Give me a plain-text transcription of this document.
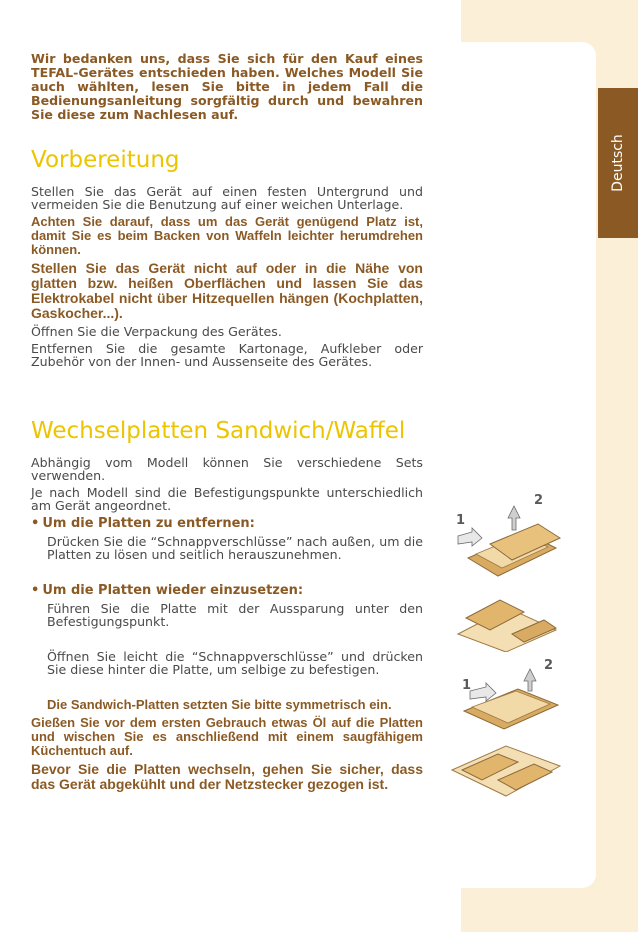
Deutsch

Wir bedanken uns, dass Sie sich für den Kauf eines TEFAL-Gerätes entschieden haben. Welches Modell Sie auch wählten, lesen Sie bitte in jedem Fall die Bedienungsanleitung sorgfältig durch und bewahren Sie diese zum Nachlesen auf.

Vorbereitung

Stellen Sie das Gerät auf einen festen Untergrund und vermeiden Sie die Benutzung auf einer weichen Unterlage.

Achten Sie darauf, dass um das Gerät genügend Platz ist, damit Sie es beim Backen von Waffeln leichter herumdrehen können.

Stellen Sie das Gerät nicht auf oder in die Nähe von glatten bzw. heißen Oberflächen und lassen Sie das Elektrokabel nicht über Hitzequellen hängen (Kochplatten, Gaskocher...).

Öffnen Sie die Verpackung des Gerätes.

Entfernen Sie die gesamte Kartonage, Aufkleber oder Zubehör von der Innen- und Aussenseite des Gerätes.

Wechselplatten Sandwich/Waffel

Abhängig vom Modell können Sie verschiedene Sets verwenden.

Je nach Modell sind die Befestigungspunkte unterschiedlich am Gerät angeordnet.

• Um die Platten zu entfernen:

Drücken Sie die “Schnappverschlüsse” nach außen, um die Platten zu lösen und seitlich herauszunehmen.

• Um die Platten wieder einzusetzen:

Führen Sie die Platte mit der Aussparung unter den Befestigungspunkt.

Öffnen Sie leicht die “Schnappverschlüsse” und drücken Sie diese hinter die Platte, um selbige zu befestigen.

Die Sandwich-Platten setzten Sie bitte symmetrisch ein.

Gießen Sie vor dem ersten Gebrauch etwas Öl auf die Platten und wischen Sie es anschließend mit einem saugfähigem Küchentuch auf.

Bevor Sie die Platten wechseln, gehen Sie sicher, dass das Gerät abgekühlt und der Netzstecker gezogen ist.

1
2
1
2
